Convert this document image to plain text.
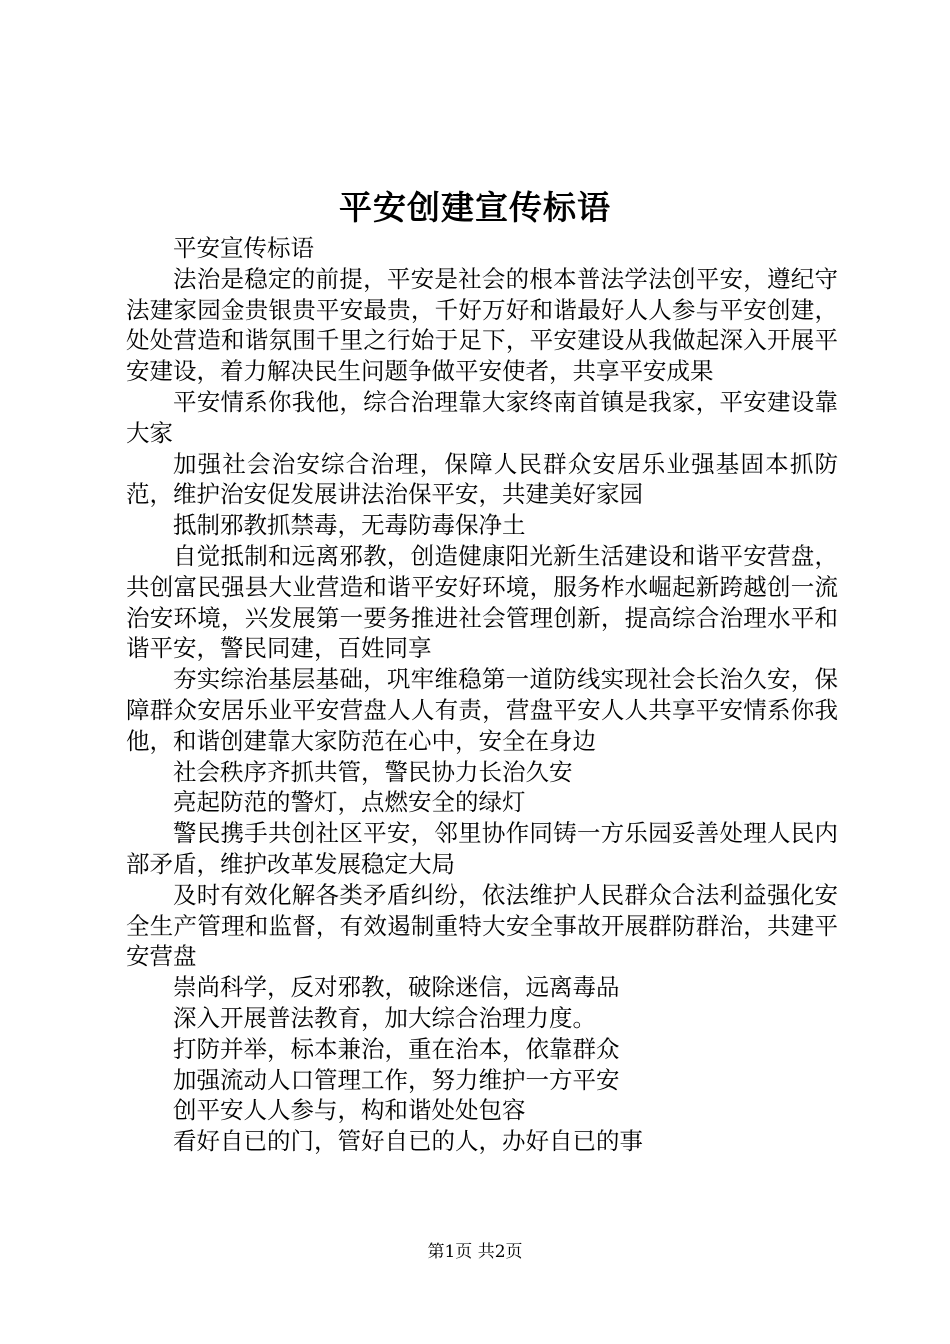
平安创建宣传标语

平安宣传标语

法治是稳定的前提，平安是社会的根本普法学法创平安，遵纪守法建家园金贵银贵平安最贵，千好万好和谐最好人人参与平安创建，处处营造和谐氛围千里之行始于足下，平安建设从我做起深入开展平安建设，着力解决民生问题争做平安使者，共享平安成果

平安情系你我他，综合治理靠大家终南首镇是我家，平安建设靠大家

加强社会治安综合治理，保障人民群众安居乐业强基固本抓防范，维护治安促发展讲法治保平安，共建美好家园

抵制邪教抓禁毒，无毒防毒保净土

自觉抵制和远离邪教，创造健康阳光新生活建设和谐平安营盘，共创富民强县大业营造和谐平安好环境，服务柞水崛起新跨越创一流治安环境，兴发展第一要务推进社会管理创新，提高综合治理水平和谐平安，警民同建，百姓同享

夯实综治基层基础，巩牢维稳第一道防线实现社会长治久安，保障群众安居乐业平安营盘人人有责，营盘平安人人共享平安情系你我他，和谐创建靠大家防范在心中，安全在身边

社会秩序齐抓共管，警民协力长治久安

亮起防范的警灯，点燃安全的绿灯

警民携手共创社区平安，邻里协作同铸一方乐园妥善处理人民内部矛盾，维护改革发展稳定大局

及时有效化解各类矛盾纠纷，依法维护人民群众合法利益强化安全生产管理和监督，有效遏制重特大安全事故开展群防群治，共建平安营盘

崇尚科学，反对邪教，破除迷信，远离毒品

深入开展普法教育，加大综合治理力度。

打防并举，标本兼治，重在治本，依靠群众

加强流动人口管理工作，努力维护一方平安

创平安人人参与，构和谐处处包容

看好自已的门，管好自已的人，办好自已的事

第1页 共2页
